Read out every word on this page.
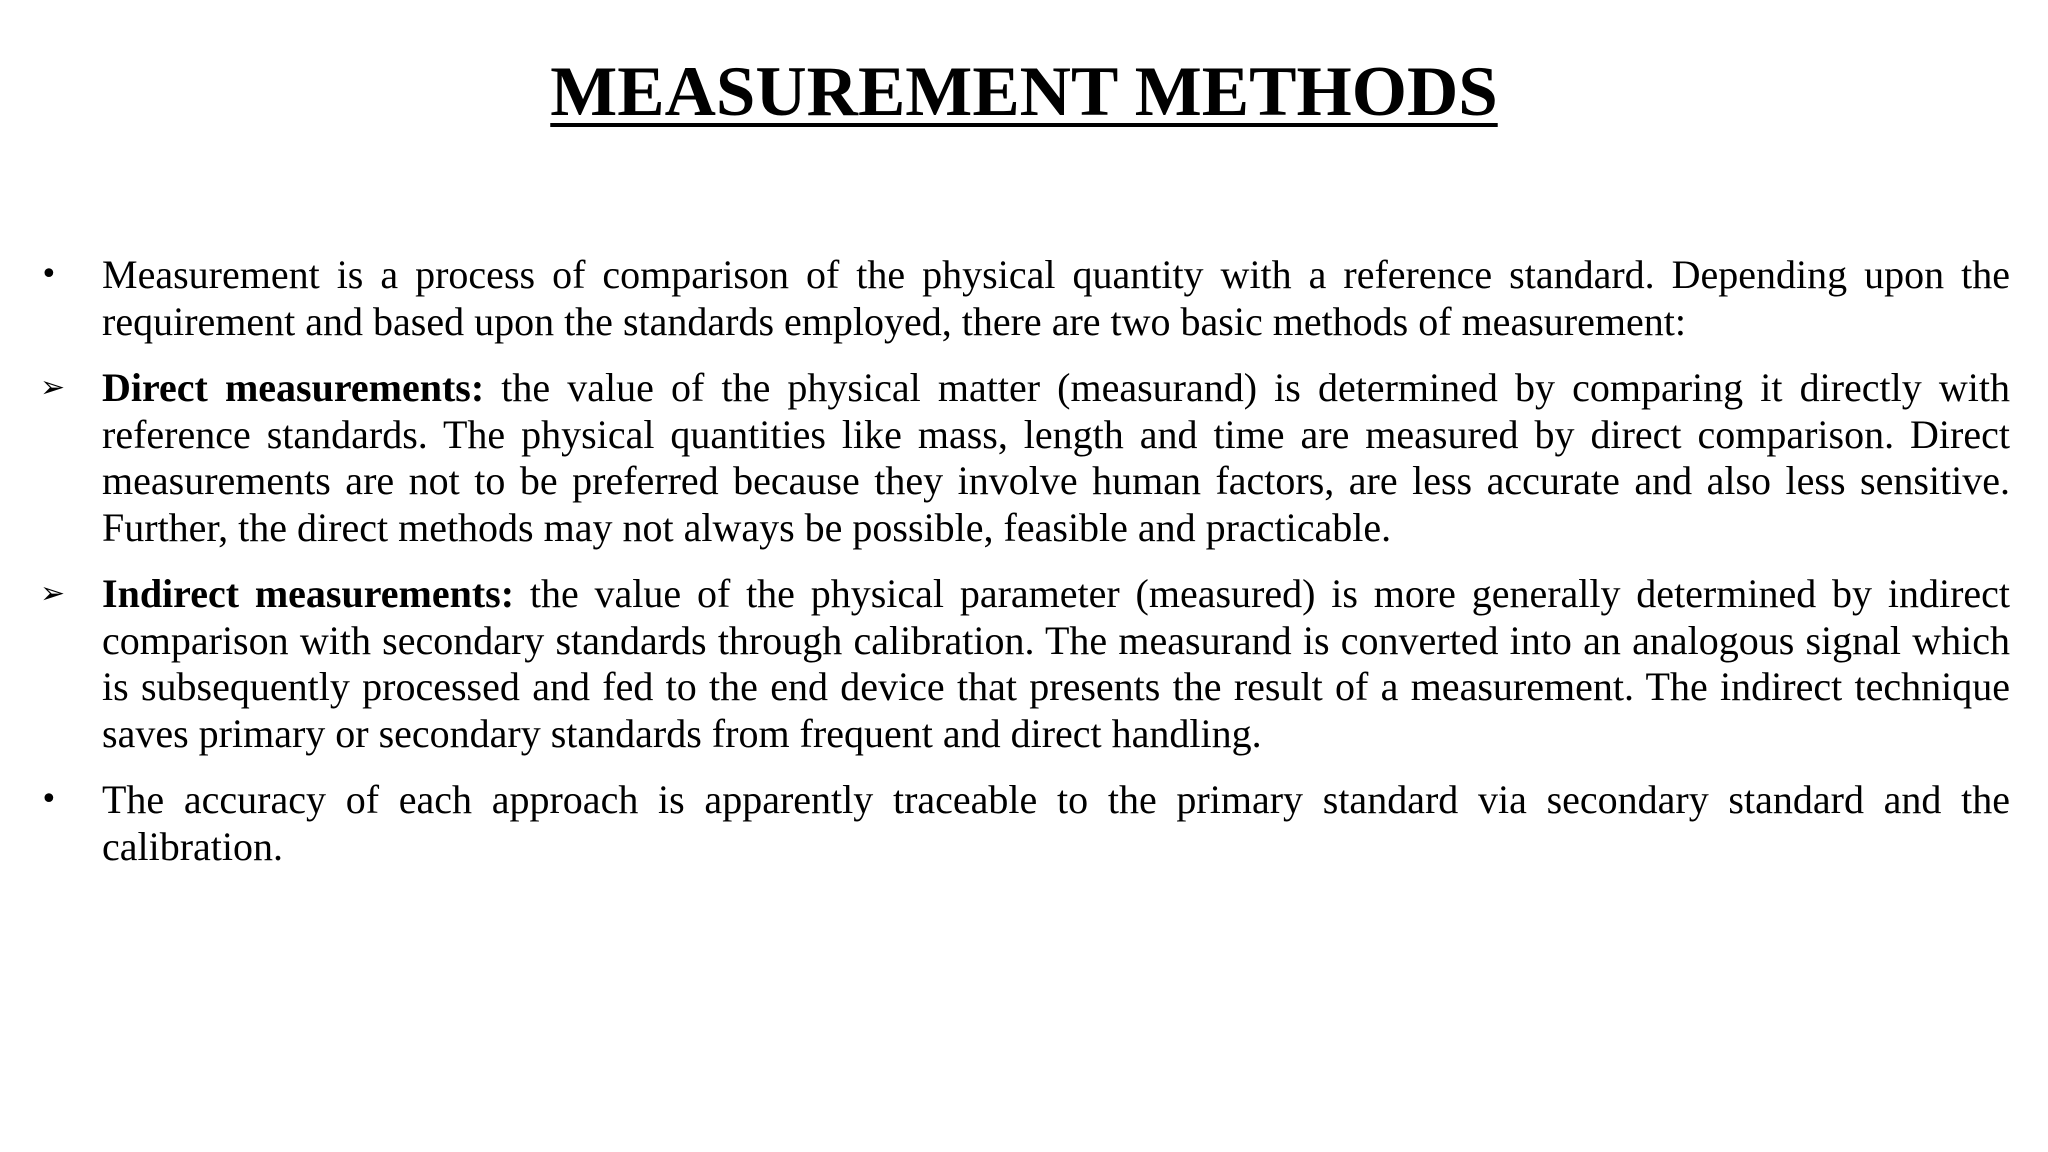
MEASUREMENT METHODS
•	Measurement is a process of comparison of the physical quantity with a reference standard. Depending upon the requirement and based upon the standards employed, there are two basic methods of measurement:
➢ Direct measurements: the value of the physical matter (measurand) is determined by comparing it directly with reference standards. The physical quantities like mass, length and time are measured by direct comparison. Direct measurements are not to be preferred because they involve human factors, are less accurate and also less sensitive. Further, the direct methods may not always be possible, feasible and practicable.
➢ Indirect measurements: the value of the physical parameter (measured) is more generally determined by indirect comparison with secondary standards through calibration. The measurand is converted into an analogous signal which is subsequently processed and fed to the end device that presents the result of a measurement. The indirect technique saves primary or secondary standards from frequent and direct handling.
•	The accuracy of each approach is apparently traceable to the primary standard via secondary standard and the calibration.
